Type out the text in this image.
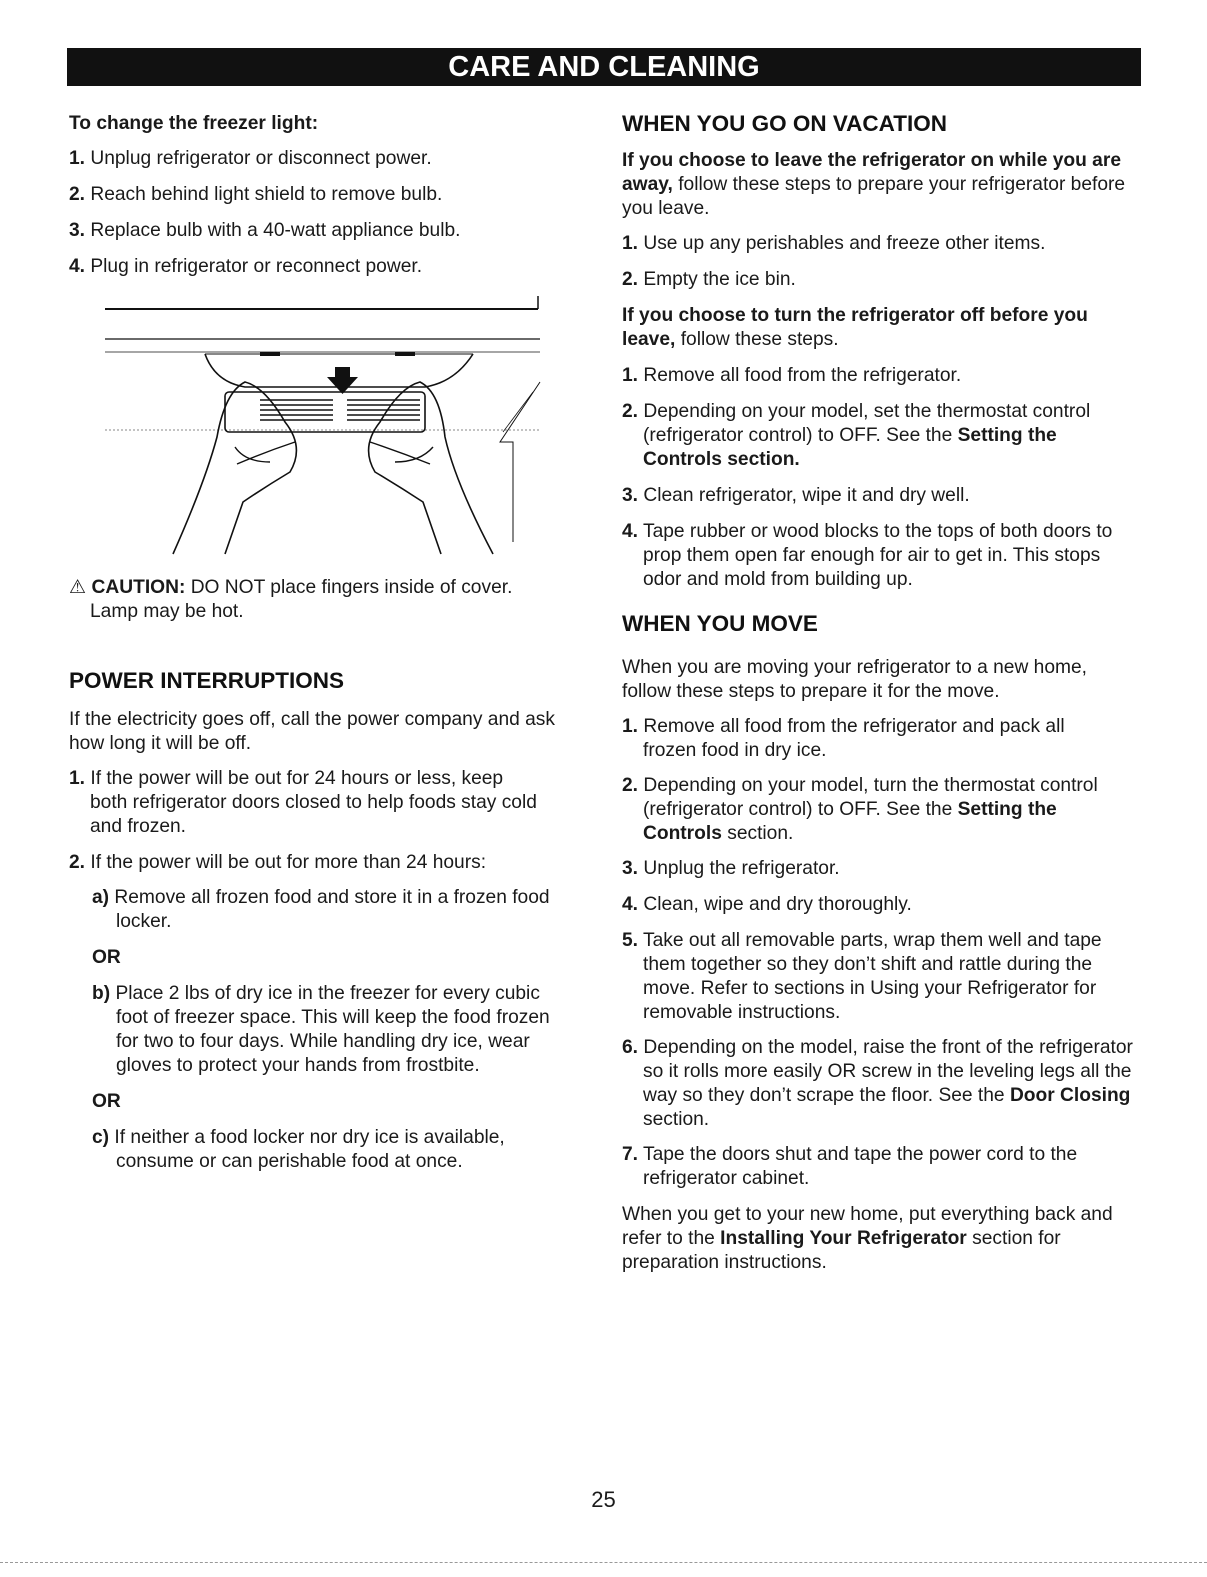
CARE AND CLEANING
To change the freezer light:
1. Unplug refrigerator or disconnect power.
2. Reach behind light shield to remove bulb.
3. Replace bulb with a 40-watt appliance bulb.
4. Plug in refrigerator or reconnect power.
⚠ CAUTION: DO NOT place fingers inside of cover.
Lamp may be hot.
POWER INTERRUPTIONS
If the electricity goes off, call the power company and ask how long it will be off.
1. If the power will be out for 24 hours or less, keep both refrigerator doors closed to help foods stay cold and frozen.
2. If the power will be out for more than 24 hours:
a) Remove all frozen food and store it in a frozen food locker.
OR
b) Place 2 lbs of dry ice in the freezer for every cubic foot of freezer space. This will keep the food frozen for two to four days. While handling dry ice, wear gloves to protect your hands from frostbite.
OR
c) If neither a food locker nor dry ice is available, consume or can perishable food at once.
WHEN YOU GO ON VACATION
If you choose to leave the refrigerator on while you are away, follow these steps to prepare your refrigerator before you leave.
1. Use up any perishables and freeze other items.
2. Empty the ice bin.
If you choose to turn the refrigerator off before you leave, follow these steps.
1. Remove all food from the refrigerator.
2. Depending on your model, set the thermostat control (refrigerator control) to OFF. See the Setting the Controls section.
3. Clean refrigerator, wipe it and dry well.
4. Tape rubber or wood blocks to the tops of both doors to prop them open far enough for air to get in. This stops odor and mold from building up.
WHEN YOU MOVE
When you are moving your refrigerator to a new home, follow these steps to prepare it for the move.
1. Remove all food from the refrigerator and pack all frozen food in dry ice.
2. Depending on your model, turn the thermostat control (refrigerator control) to OFF. See the Setting the Controls section.
3. Unplug the refrigerator.
4. Clean, wipe and dry thoroughly.
5. Take out all removable parts, wrap them well and tape them together so they don’t shift and rattle during the move. Refer to sections in Using your Refrigerator for removable instructions.
6. Depending on the model, raise the front of the refrigerator so it rolls more easily OR screw in the leveling legs all the way so they don’t scrape the floor. See the Door Closing section.
7. Tape the doors shut and tape the power cord to the refrigerator cabinet.
When you get to your new home, put everything back and refer to the Installing Your Refrigerator section for preparation instructions.
25
